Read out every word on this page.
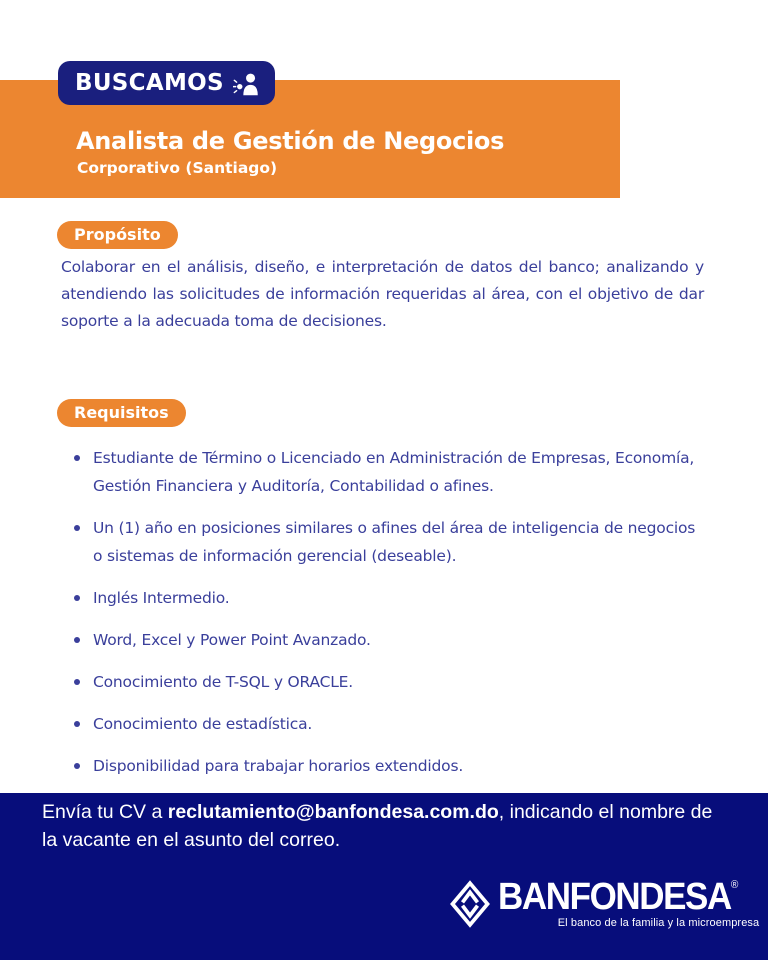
Analista de Gestión de Negocios
Corporativo (Santiago)
BUSCAMOS
Propósito

Colaborar en el análisis, diseño, e interpretación de datos del banco; analizando y atendiendo las solicitudes de información requeridas al área, con el objetivo de dar soporte a la adecuada toma de decisiones.

Requisitos
Estudiante de Término o Licenciado en Administración de Empresas, Economía, Gestión Financiera y Auditoría, Contabilidad o afines.
Un (1) año en posiciones similares o afines del área de inteligencia de negocios o sistemas de información gerencial (deseable).
Inglés Intermedio.
Word, Excel y Power Point Avanzado.
Conocimiento de T-SQL y ORACLE.
Conocimiento de estadística.
Disponibilidad para trabajar horarios extendidos.

Envía tu CV a reclutamiento@banfondesa.com.do, indicando el nombre de la vacante en el asunto del correo.

BANFONDESA ®
El banco de la familia y la microempresa
